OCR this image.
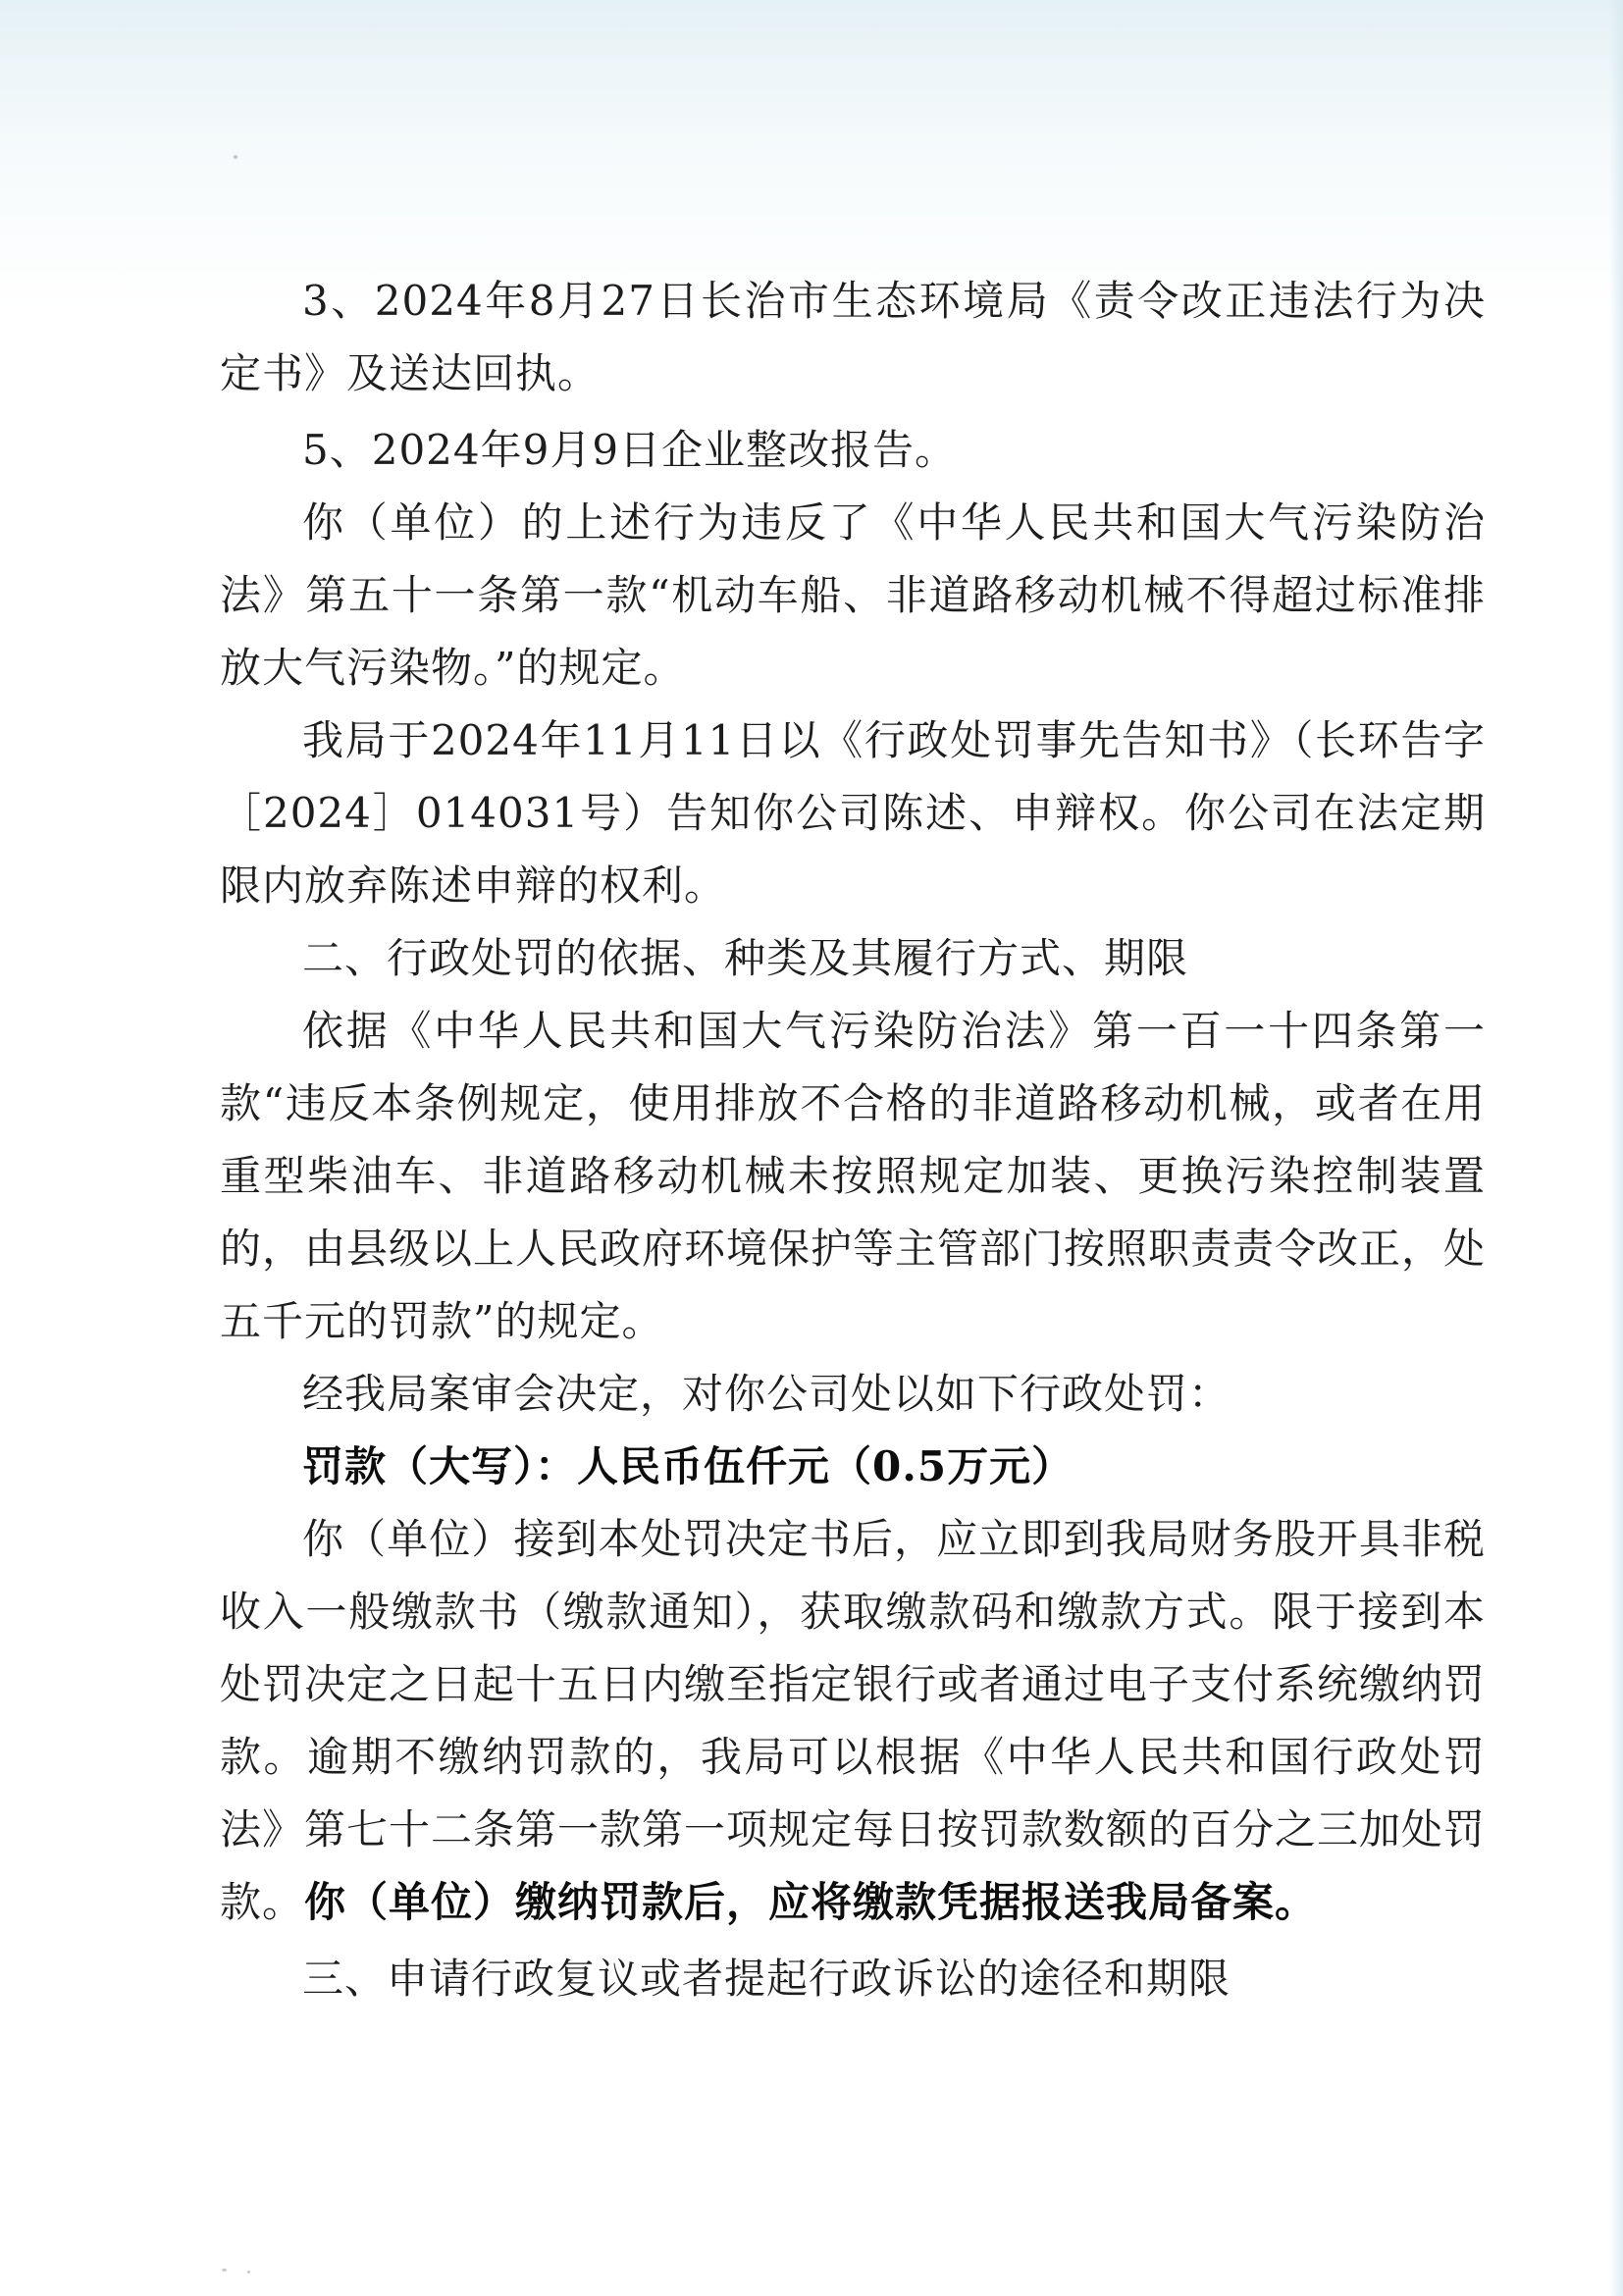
3、2024年8月27日长治市生态环境局《责令改正违法行为决定书》及送达回执。

5、2024年9月9日企业整改报告。

你（单位）的上述行为违反了《中华人民共和国大气污染防治法》第五十一条第一款“机动车船、非道路移动机械不得超过标准排放大气污染物。”的规定。

我局于2024年11月11日以《行政处罚事先告知书》（长环告字［2024］014031号）告知你公司陈述、申辩权。你公司在法定期限内放弃陈述申辩的权利。

二、行政处罚的依据、种类及其履行方式、期限

依据《中华人民共和国大气污染防治法》第一百一十四条第一款“违反本条例规定，使用排放不合格的非道路移动机械，或者在用重型柴油车、非道路移动机械未按照规定加装、更换污染控制装置的，由县级以上人民政府环境保护等主管部门按照职责责令改正，处五千元的罚款”的规定。

经我局案审会决定，对你公司处以如下行政处罚：

罚款（大写）：人民币伍仟元（0.5万元）

你（单位）接到本处罚决定书后，应立即到我局财务股开具非税收入一般缴款书（缴款通知），获取缴款码和缴款方式。限于接到本处罚决定之日起十五日内缴至指定银行或者通过电子支付系统缴纳罚款。逾期不缴纳罚款的，我局可以根据《中华人民共和国行政处罚法》第七十二条第一款第一项规定每日按罚款数额的百分之三加处罚款。你（单位）缴纳罚款后，应将缴款凭据报送我局备案。

三、申请行政复议或者提起行政诉讼的途径和期限
